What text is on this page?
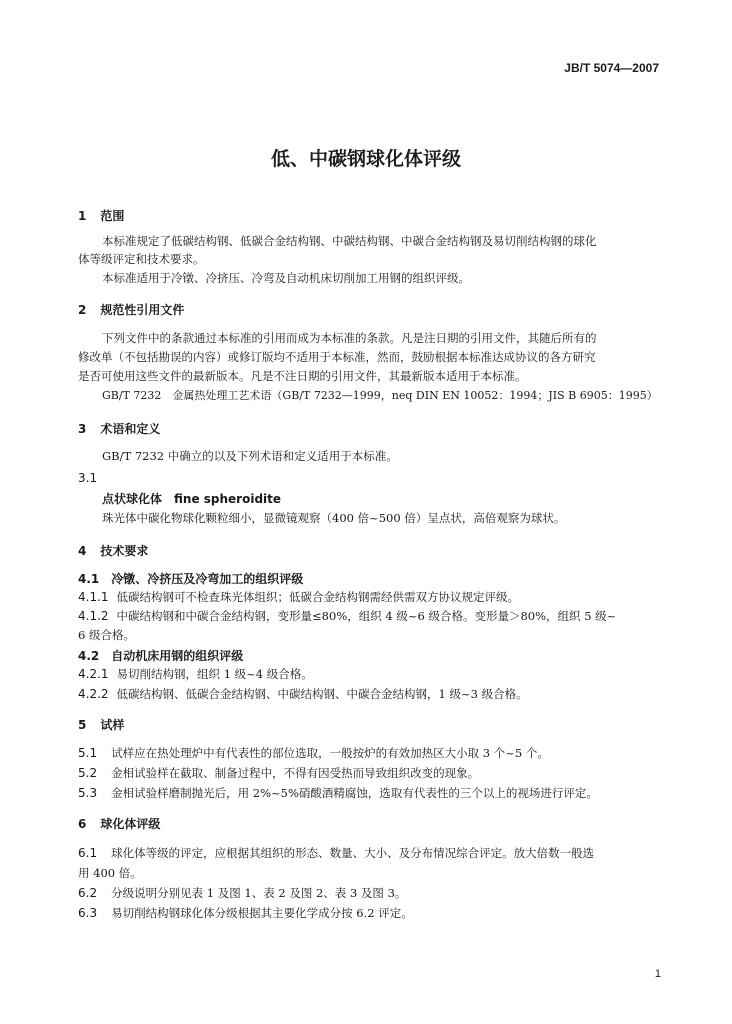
JB/T 5074—2007
低、中碳钢球化体评级
1 范围
本标准规定了低碳结构钢、低碳合金结构钢、中碳结构钢、中碳合金结构钢及易切削结构钢的球化
体等级评定和技术要求。
本标准适用于冷镦、冷挤压、冷弯及自动机床切削加工用钢的组织评级。
2 规范性引用文件
下列文件中的条款通过本标准的引用而成为本标准的条款。凡是注日期的引用文件，其随后所有的
修改单（不包括勘误的内容）或修订版均不适用于本标准，然而，鼓励根据本标准达成协议的各方研究
是否可使用这些文件的最新版本。凡是不注日期的引用文件，其最新版本适用于本标准。
GB/T 7232　金属热处理工艺术语（GB/T 7232—1999，neq DIN EN 10052：1994；JIS B 6905：1995）
3 术语和定义
GB/T 7232 中确立的以及下列术语和定义适用于本标准。
3.1
点状球化体　fine spheroidite
珠光体中碳化物球化颗粒细小，显微镜观察（400 倍~500 倍）呈点状，高倍观察为球状。
4 技术要求
4.1 冷镦、冷挤压及冷弯加工的组织评级
4.1.1 低碳结构钢可不检查珠光体组织；低碳合金结构钢需经供需双方协议规定评级。
4.1.2 中碳结构钢和中碳合金结构钢，变形量≤80%，组织 4 级~6 级合格。变形量＞80%，组织 5 级~
6 级合格。
4.2 自动机床用钢的组织评级
4.2.1 易切削结构钢，组织 1 级~4 级合格。
4.2.2 低碳结构钢、低碳合金结构钢、中碳结构钢、中碳合金结构钢，1 级~3 级合格。
5 试样
5.1 试样应在热处理炉中有代表性的部位选取，一般按炉的有效加热区大小取 3 个~5 个。
5.2 金相试验样在截取、制备过程中，不得有因受热而导致组织改变的现象。
5.3 金相试验样磨制抛光后，用 2%~5%硝酸酒精腐蚀，选取有代表性的三个以上的视场进行评定。
6 球化体评级
6.1 球化体等级的评定，应根据其组织的形态、数量、大小、及分布情况综合评定。放大倍数一般选
用 400 倍。
6.2 分级说明分别见表 1 及图 1、表 2 及图 2、表 3 及图 3。
6.3 易切削结构钢球化体分级根据其主要化学成分按 6.2 评定。
1
